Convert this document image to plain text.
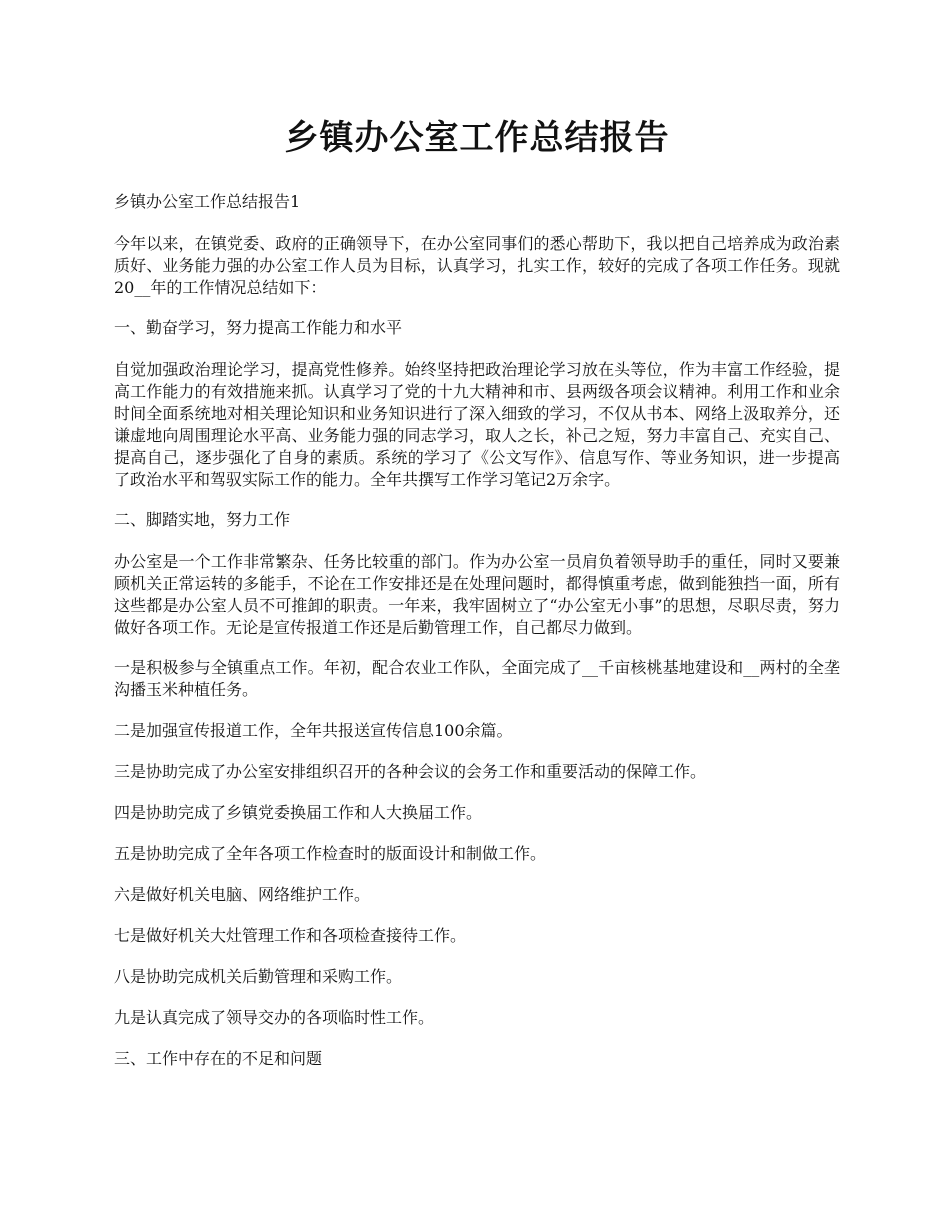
乡镇办公室工作总结报告

乡镇办公室工作总结报告1

今年以来，在镇党委、政府的正确领导下，在办公室同事们的悉心帮助下，我以把自己培养成为政治素质好、业务能力强的办公室工作人员为目标，认真学习，扎实工作，较好的完成了各项工作任务。现就20__年的工作情况总结如下：

一、勤奋学习，努力提高工作能力和水平

自觉加强政治理论学习，提高党性修养。始终坚持把政治理论学习放在头等位，作为丰富工作经验，提高工作能力的有效措施来抓。认真学习了党的十九大精神和市、县两级各项会议精神。利用工作和业余时间全面系统地对相关理论知识和业务知识进行了深入细致的学习，不仅从书本、网络上汲取养分，还谦虚地向周围理论水平高、业务能力强的同志学习，取人之长，补己之短，努力丰富自己、充实自己、提高自己，逐步强化了自身的素质。系统的学习了《公文写作》、信息写作、等业务知识，进一步提高了政治水平和驾驭实际工作的能力。全年共撰写工作学习笔记2万余字。

二、脚踏实地，努力工作

办公室是一个工作非常繁杂、任务比较重的部门。作为办公室一员肩负着领导助手的重任，同时又要兼顾机关正常运转的多能手，不论在工作安排还是在处理问题时，都得慎重考虑，做到能独挡一面，所有这些都是办公室人员不可推卸的职责。一年来，我牢固树立了“办公室无小事”的思想，尽职尽责，努力做好各项工作。无论是宣传报道工作还是后勤管理工作，自己都尽力做到。

一是积极参与全镇重点工作。年初，配合农业工作队，全面完成了__千亩核桃基地建设和__两村的全垄沟播玉米种植任务。

二是加强宣传报道工作，全年共报送宣传信息100余篇。

三是协助完成了办公室安排组织召开的各种会议的会务工作和重要活动的保障工作。

四是协助完成了乡镇党委换届工作和人大换届工作。

五是协助完成了全年各项工作检查时的版面设计和制做工作。

六是做好机关电脑、网络维护工作。

七是做好机关大灶管理工作和各项检查接待工作。

八是协助完成机关后勤管理和采购工作。

九是认真完成了领导交办的各项临时性工作。

三、工作中存在的不足和问题
